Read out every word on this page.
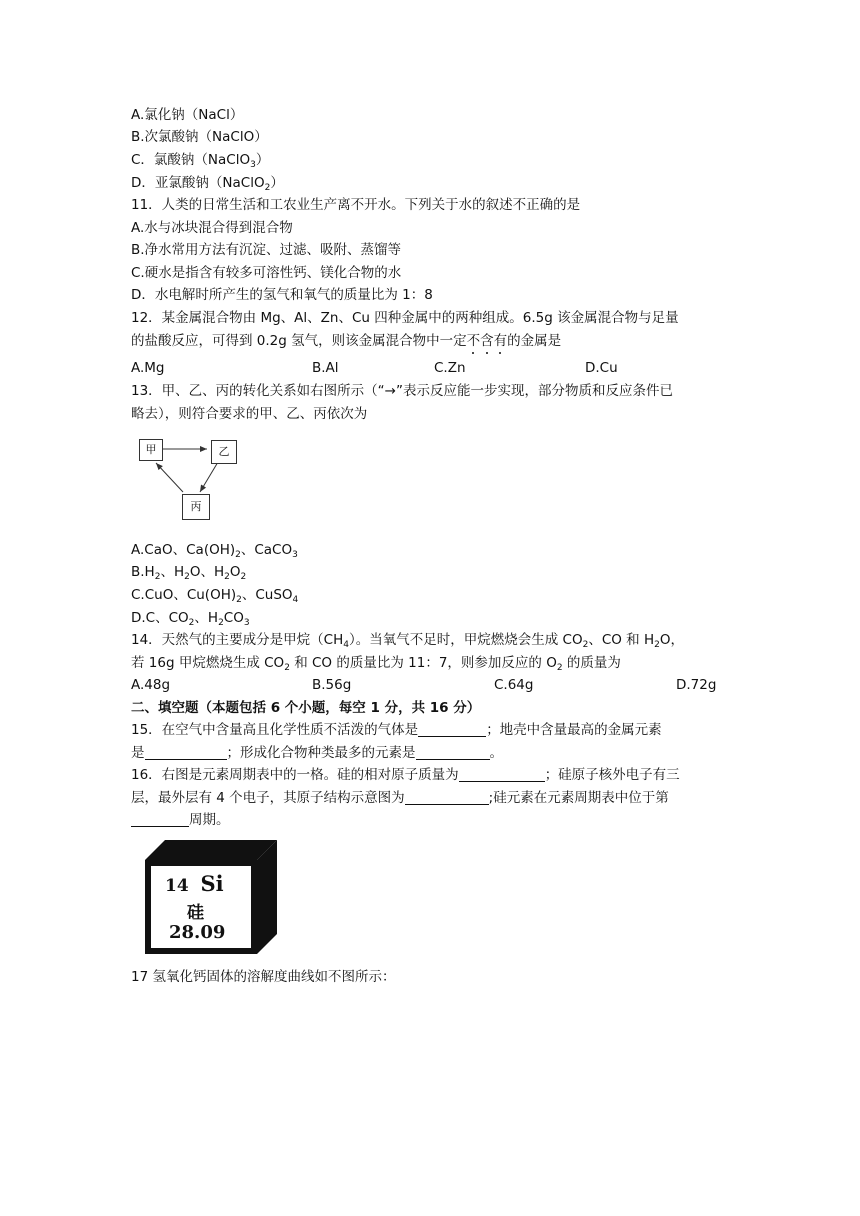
A.氯化钠（NaCl）
B.次氯酸钠（NaClO）
C．氯酸钠（NaClO$_3$）
D．亚氯酸钠（NaClO$_2$）
11．人类的日常生活和工农业生产离不开水。下列关于水的叙述不正确的是
A.水与冰块混合得到混合物
B.净水常用方法有沉淀、过滤、吸附、蒸馏等
C.硬水是指含有较多可溶性钙、镁化合物的水
D．水电解时所产生的氢气和氧气的质量比为 1：8
12．某金属混合物由 Mg、Al、Zn、Cu 四种金属中的两种组成。6.5g 该金属混合物与足量
的盐酸反应，可得到 0.2g 氢气，则该金属混合物中一定不含有的金属是
A.Mg	B.Al	C.Zn	D.Cu
13．甲、乙、丙的转化关系如右图所示（“→”表示反应能一步实现，部分物质和反应条件已
略去），则符合要求的甲、乙、丙依次为
甲	乙
丙
A.CaO、$Ca(OH)_2$、CaCO$_3$
$B.H_2$、$H_2O$、$H_2O_2$
C.CuO、$Cu(OH)_2$、CuSO$_4$
D.C、$CO_2$、$H_2CO_3$
14．天然气的主要成分是甲烷$(CH_4)$。当氧气不足时，甲烷燃烧会生成 $CO_2$、CO 和 $H_2O$，
若 16g 甲烷燃烧生成 $CO_2$ 和 CO 的质量比为 11：7，则参加反应的 $O_2$ 的质量为
A.48g	B.56g	C.64g	D.72g
二、填空题（本题包括 6 个小题，每空 1 分，共 16 分）
15．在空气中含量高且化学性质不活泼的气体是	；地壳中含量最高的金属元素
是	；形成化合物种类最多的元素是	。
16．右图是元素周期表中的一格。硅的相对原子质量为	；硅原子核外电子有三
层，最外层有 4 个电子，其原子结构示意图为	;硅元素在元素周期表中位于第
周期。
14 Si
硅
28.09
17 氢氧化钙固体的溶解度曲线如不图所示：
